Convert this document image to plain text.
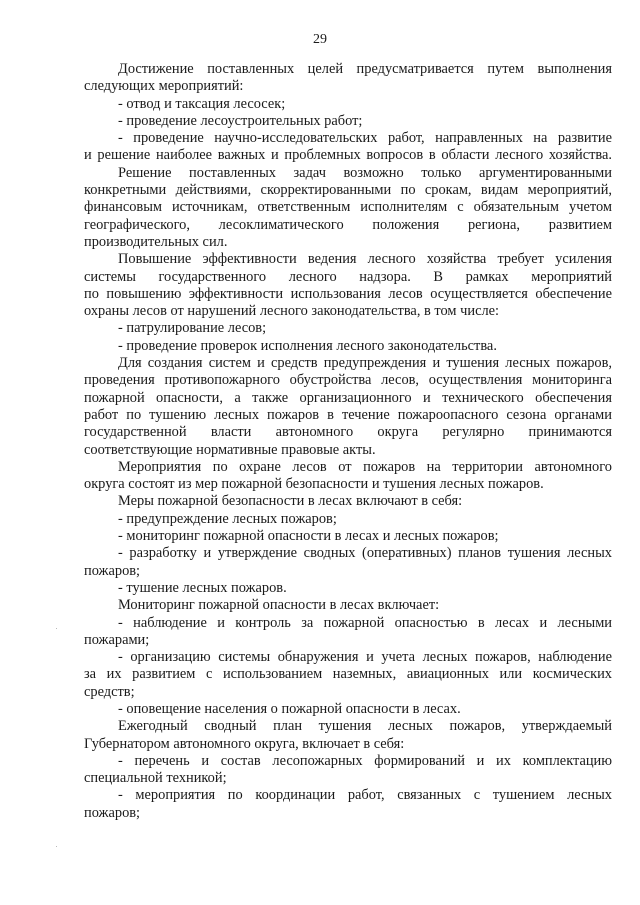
29
Достижение поставленных целей предусматривается путем выполнения
следующих мероприятий:
- отвод и таксация лесосек;
- проведение лесоустроительных работ;
- проведение научно-исследовательских работ, направленных на развитие
и решение наиболее важных и проблемных вопросов в области лесного хозяйства.
Решение поставленных задач возможно только аргументированными
конкретными действиями, скорректированными по срокам, видам мероприятий,
финансовым источникам, ответственным исполнителям с обязательным учетом
географического, лесоклиматического положения региона, развитием
производительных сил.
Повышение эффективности ведения лесного хозяйства требует усиления
системы государственного лесного надзора. В рамках мероприятий
по повышению эффективности использования лесов осуществляется обеспечение
охраны лесов от нарушений лесного законодательства, в том числе:
- патрулирование лесов;
- проведение проверок исполнения лесного законодательства.
Для создания систем и средств предупреждения и тушения лесных пожаров,
проведения противопожарного обустройства лесов, осуществления мониторинга
пожарной опасности, а также организационного и технического обеспечения
работ по тушению лесных пожаров в течение пожароопасного сезона органами
государственной власти автономного округа регулярно принимаются
соответствующие нормативные правовые акты.
Мероприятия по охране лесов от пожаров на территории автономного
округа состоят из мер пожарной безопасности и тушения лесных пожаров.
Меры пожарной безопасности в лесах включают в себя:
- предупреждение лесных пожаров;
- мониторинг пожарной опасности в лесах и лесных пожаров;
- разработку и утверждение сводных (оперативных) планов тушения лесных
пожаров;
- тушение лесных пожаров.
Мониторинг пожарной опасности в лесах включает:
- наблюдение и контроль за пожарной опасностью в лесах и лесными
пожарами;
- организацию системы обнаружения и учета лесных пожаров, наблюдение
за их развитием с использованием наземных, авиационных или космических
средств;
- оповещение населения о пожарной опасности в лесах.
Ежегодный сводный план тушения лесных пожаров, утверждаемый
Губернатором автономного округа, включает в себя:
- перечень и состав лесопожарных формирований и их комплектацию
специальной техникой;
- мероприятия по координации работ, связанных с тушением лесных
пожаров;
